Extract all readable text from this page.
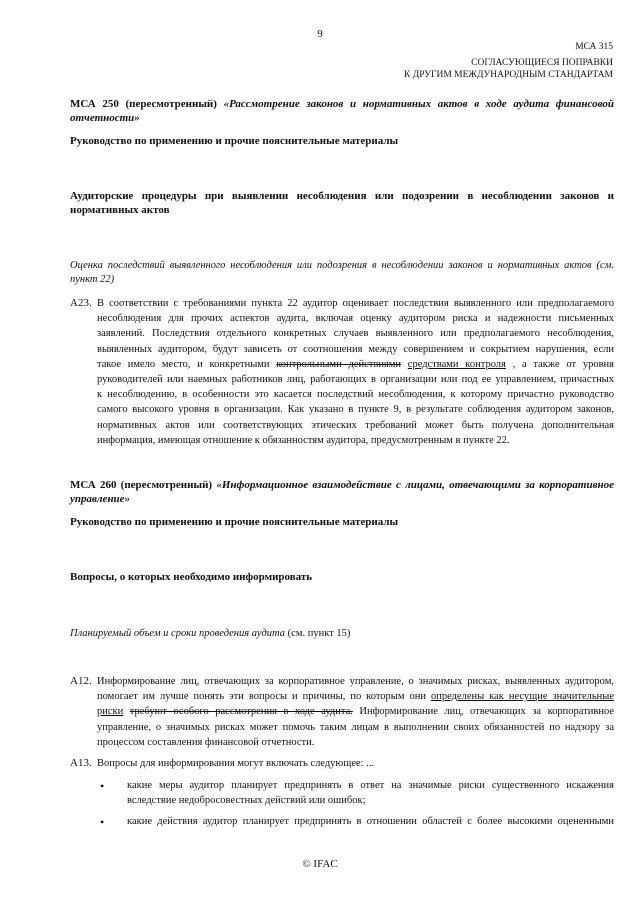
9
МСА 315
СОГЛАСУЮЩИЕСЯ ПОПРАВКИ
К ДРУГИМ МЕЖДУНАРОДНЫМ СТАНДАРТАМ
МСА 250 (пересмотренный) «Рассмотрение законов и нормативных актов в ходе аудита финансовой
отчетности»
Руководство по применению и прочие пояснительные материалы
Аудиторские процедуры при выявлении несоблюдения или подозрении в несоблюдении законов и
нормативных актов
Оценка последствий выявленного несоблюдения или подозрения в несоблюдении законов и нормативных актов (см.
пункт 22)
А23. В соответствии с требованиями пункта 22 аудитор оценивает последствия выявленного или предполагаемого
несоблюдения для прочих аспектов аудита, включая оценку аудитором риска и надежности письменных
заявлений. Последствия отдельного конкретных случаев выявленного или предполагаемого несоблюдения,
выявленных аудитором, будут зависеть от соотношения между совершением и сокрытием нарушения, если
такое имело место, и конкретными контрольными действиями средствами контроля , а также от уровня
руководителей или наемных работников лиц, работающих в организации или под ее управлением, причастных
к несоблюдению, в особенности это касается последствий несоблюдения, к которому причастно руководство
самого высокого уровня в организации. Как указано в пункте 9, в результате соблюдения аудитором законов,
нормативных актов или соответствующих этических требований может быть получена дополнительная
информация, имеющая отношение к обязанностям аудитора, предусмотренным в пункте 22.
МСА 260 (пересмотренный) «Информационное взаимодействие с лицами, отвечающими за корпоративное
управление»
Руководство по применению и прочие пояснительные материалы
Вопросы, о которых необходимо информировать
Планируемый объем и сроки проведения аудита (см. пункт 15)
А12. Информирование лиц, отвечающих за корпоративное управление, о значимых рисках, выявленных аудитором,
помогает им лучше понять эти вопросы и причины, по которым они определены как несущие значительные
риски требуют особого рассмотрения в ходе аудита. Информирование лиц, отвечающих за корпоративное
управление, о значимых рисках может помочь таким лицам в выполнении своих обязанностей по надзору за
процессом составления финансовой отчетности.
А13. Вопросы для информирования могут включать следующее: ...
• какие меры аудитор планирует предпринять в ответ на значимые риски существенного искажения
вследствие недобросовестных действий или ошибок;
• какие действия аудитор планирует предпринять в отношении областей с более высокими оцененными
© IFAC
